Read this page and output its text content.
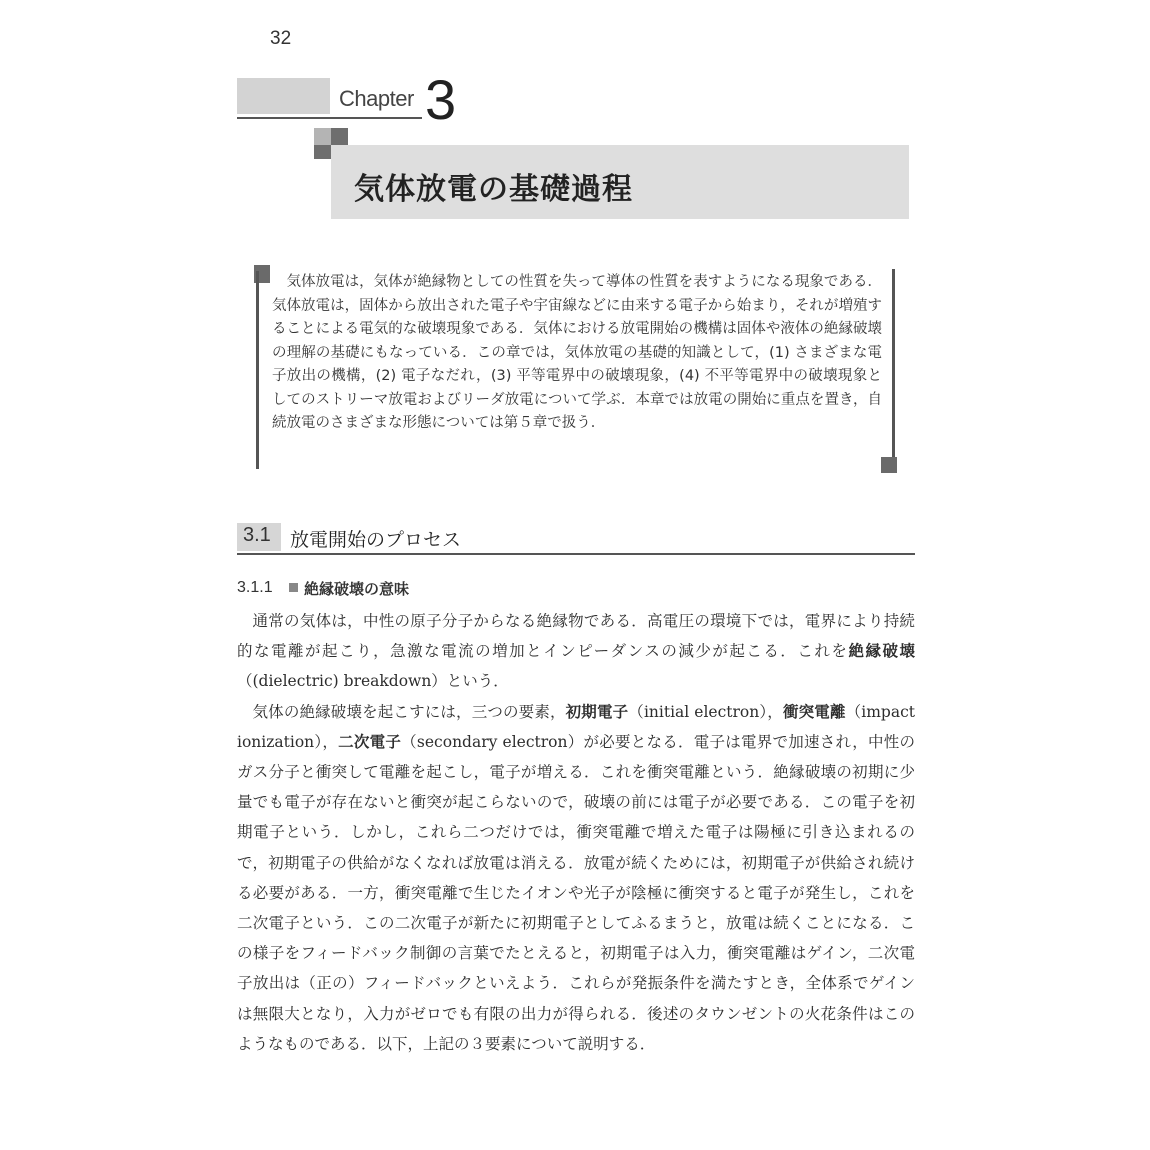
32
Chapter 3
気体放電の基礎過程
気体放電は，気体が絶縁物としての性質を失って導体の性質を表すようになる現象である．気体放電は，固体から放出された電子や宇宙線などに由来する電子から始まり，それが増殖することによる電気的な破壊現象である．気体における放電開始の機構は固体や液体の絶縁破壊の理解の基礎にもなっている．この章では，気体放電の基礎的知識として，(1) さまざまな電子放出の機構，(2) 電子なだれ，(3) 平等電界中の破壊現象，(4) 不平等電界中の破壊現象としてのストリーマ放電およびリーダ放電について学ぶ．本章では放電の開始に重点を置き，自続放電のさまざまな形態については第５章で扱う．
3.1 放電開始のプロセス
3.1.1 絶縁破壊の意味

通常の気体は，中性の原子分子からなる絶縁物である．高電圧の環境下では，電界により持続的な電離が起こり，急激な電流の増加とインピーダンスの減少が起こる．これを絶縁破壊（(dielectric) breakdown）という．

気体の絶縁破壊を起こすには，三つの要素，初期電子（initial electron），衝突電離（impact ionization），二次電子（secondary electron）が必要となる．電子は電界で加速され，中性のガス分子と衝突して電離を起こし，電子が増える．これを衝突電離という．絶縁破壊の初期に少量でも電子が存在ないと衝突が起こらないので，破壊の前には電子が必要である．この電子を初期電子という．しかし，これら二つだけでは，衝突電離で増えた電子は陽極に引き込まれるので，初期電子の供給がなくなれば放電は消える．放電が続くためには，初期電子が供給され続ける必要がある．一方，衝突電離で生じたイオンや光子が陰極に衝突すると電子が発生し，これを二次電子という．この二次電子が新たに初期電子としてふるまうと，放電は続くことになる．この様子をフィードバック制御の言葉でたとえると，初期電子は入力，衝突電離はゲイン，二次電子放出は（正の）フィードバックといえよう．これらが発振条件を満たすとき，全体系でゲインは無限大となり，入力がゼロでも有限の出力が得られる．後述のタウンゼントの火花条件はこのようなものである．以下，上記の３要素について説明する．
